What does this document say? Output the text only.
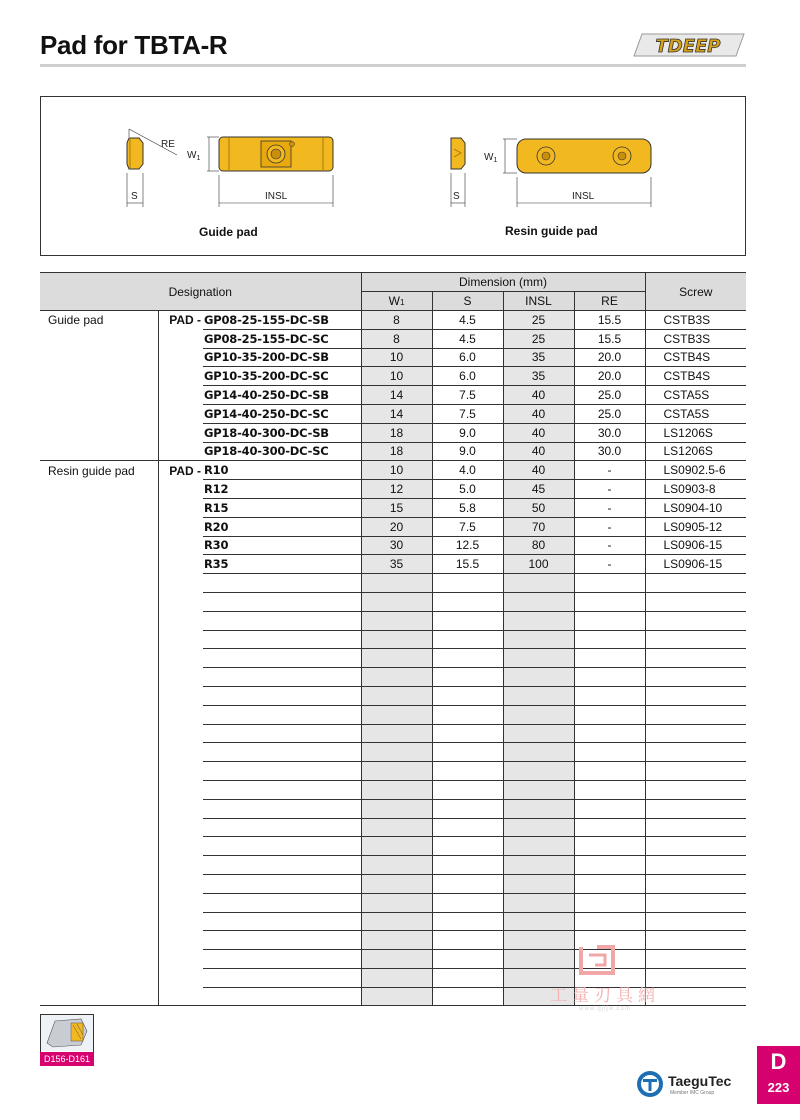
Pad for TBTA-R	TDEEP
RE
S
$W_1$
INSL	S
$W_1$
INSL
Guide pad	Resin guide pad
Designation			Dimension (mm)				Screw
			W1	S	INSL	RE	
Guide pad	PAD -	GP08-25-155-DC-SB	8	4.5	25	15.5	CSTB3S
		GP08-25-155-DC-SC	8	4.5	25	15.5	CSTB3S
		GP10-35-200-DC-SB	10	6.0	35	20.0	CSTB4S
		GP10-35-200-DC-SC	10	6.0	35	20.0	CSTB4S
		GP14-40-250-DC-SB	14	7.5	40	25.0	CSTA5S
		GP14-40-250-DC-SC	14	7.5	40	25.0	CSTA5S
		GP18-40-300-DC-SB	18	9.0	40	30.0	LS1206S
		GP18-40-300-DC-SC	18	9.0	40	30.0	LS1206S
Resin guide pad	PAD -	R10	10	4.0	40	-	LS0902.5-6
		R12	12	5.0	45	-	LS0903-8
		R15	15	5.8	50	-	LS0904-10
		R20	20	7.5	70	-	LS0905-12
		R30	30	12.5	80	-	LS0906-15
		R35	35	15.5	100	-	LS0906-15

D156-D161
工量刃具網
www.gjljw.com
TaeguTec
Member IMC Group
D
223
